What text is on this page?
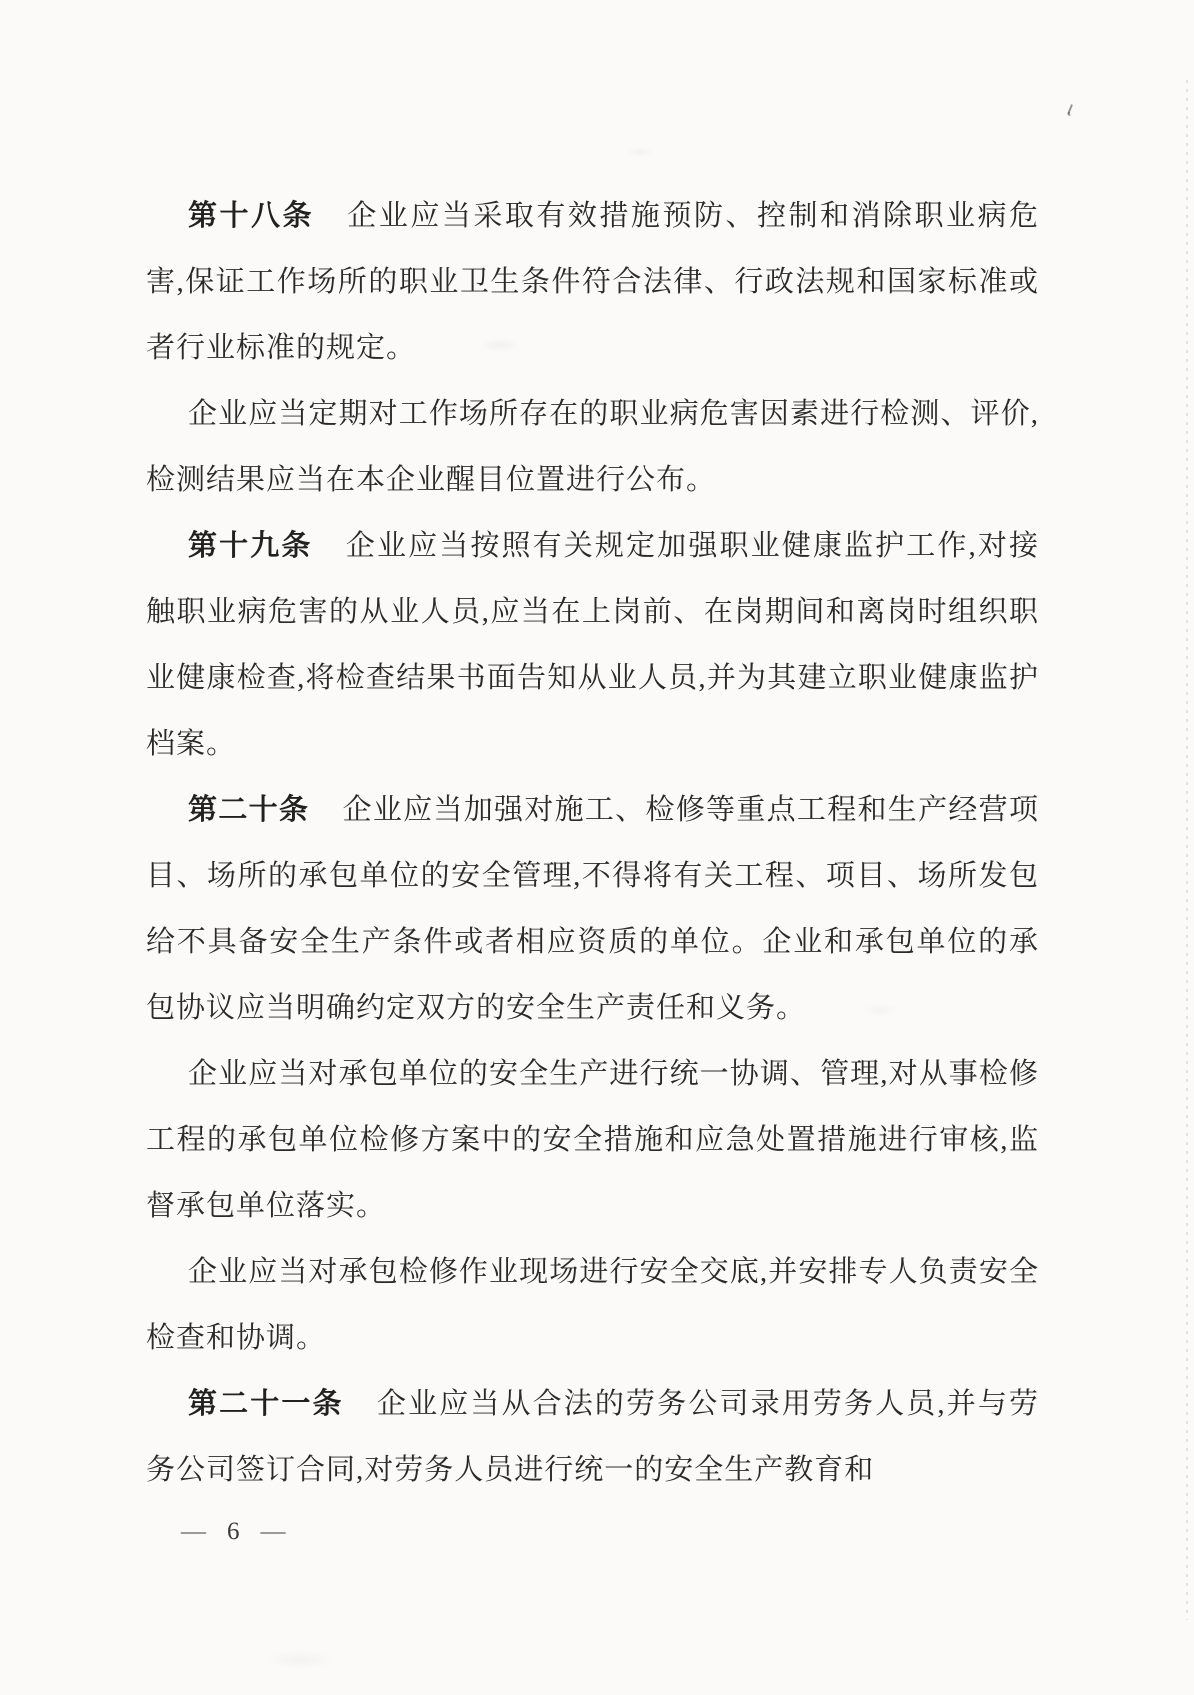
第十八条 企业应当采取有效措施预防、控制和消除职业病危害,保证工作场所的职业卫生条件符合法律、行政法规和国家标准或者行业标准的规定。

企业应当定期对工作场所存在的职业病危害因素进行检测、评价,检测结果应当在本企业醒目位置进行公布。

第十九条 企业应当按照有关规定加强职业健康监护工作,对接触职业病危害的从业人员,应当在上岗前、在岗期间和离岗时组织职业健康检查,将检查结果书面告知从业人员,并为其建立职业健康监护档案。

第二十条 企业应当加强对施工、检修等重点工程和生产经营项目、场所的承包单位的安全管理,不得将有关工程、项目、场所发包给不具备安全生产条件或者相应资质的单位。企业和承包单位的承包协议应当明确约定双方的安全生产责任和义务。

企业应当对承包单位的安全生产进行统一协调、管理,对从事检修工程的承包单位检修方案中的安全措施和应急处置措施进行审核,监督承包单位落实。

企业应当对承包检修作业现场进行安全交底,并安排专人负责安全检查和协调。

第二十一条 企业应当从合法的劳务公司录用劳务人员,并与劳务公司签订合同,对劳务人员进行统一的安全生产教育和

— 6 —
